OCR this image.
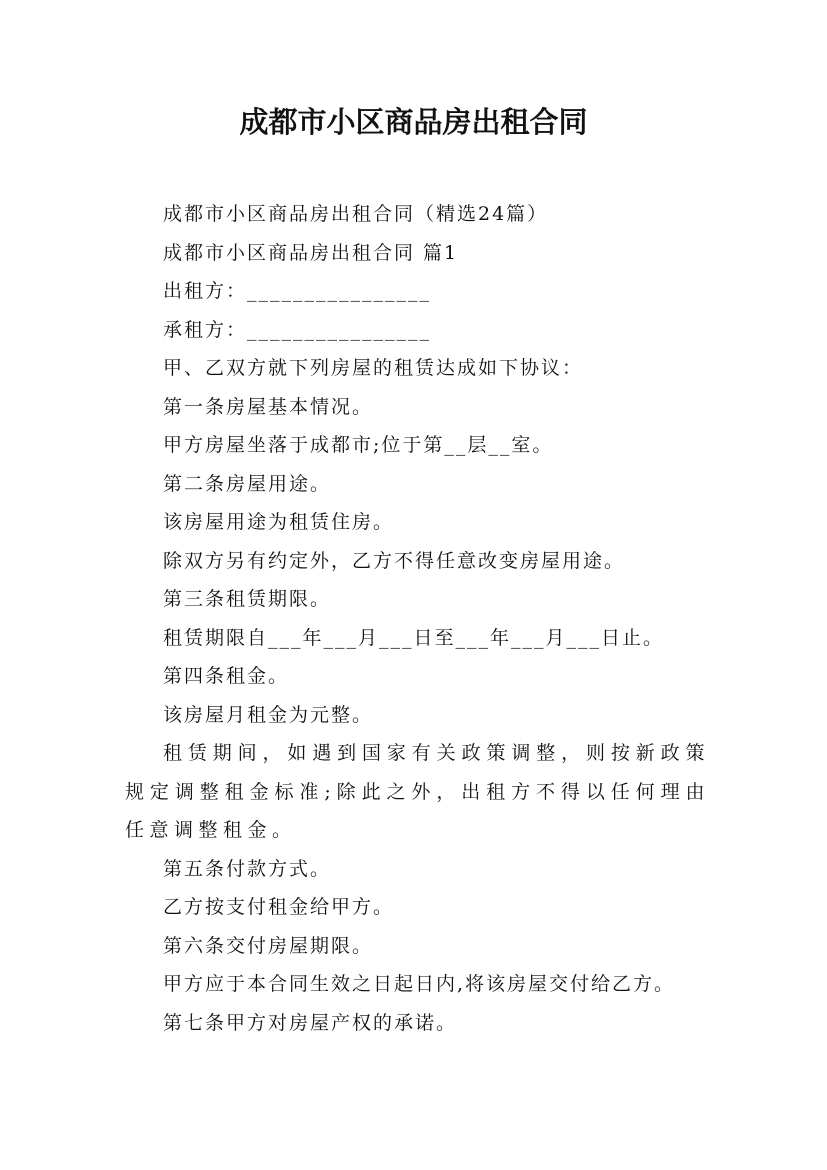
成都市小区商品房出租合同

成都市小区商品房出租合同（精选24篇）

成都市小区商品房出租合同 篇1

出租方：________________

承租方：________________

甲、乙双方就下列房屋的租赁达成如下协议：

第一条房屋基本情况。

甲方房屋坐落于成都市;位于第__层__室。

第二条房屋用途。

该房屋用途为租赁住房。

除双方另有约定外，乙方不得任意改变房屋用途。

第三条租赁期限。

租赁期限自___年___月___日至___年___月___日止。

第四条租金。

该房屋月租金为元整。

租赁期间，如遇到国家有关政策调整，则按新政策规定调整租金标准;除此之外，出租方不得以任何理由任意调整租金。

第五条付款方式。

乙方按支付租金给甲方。

第六条交付房屋期限。

甲方应于本合同生效之日起日内,将该房屋交付给乙方。

第七条甲方对房屋产权的承诺。
